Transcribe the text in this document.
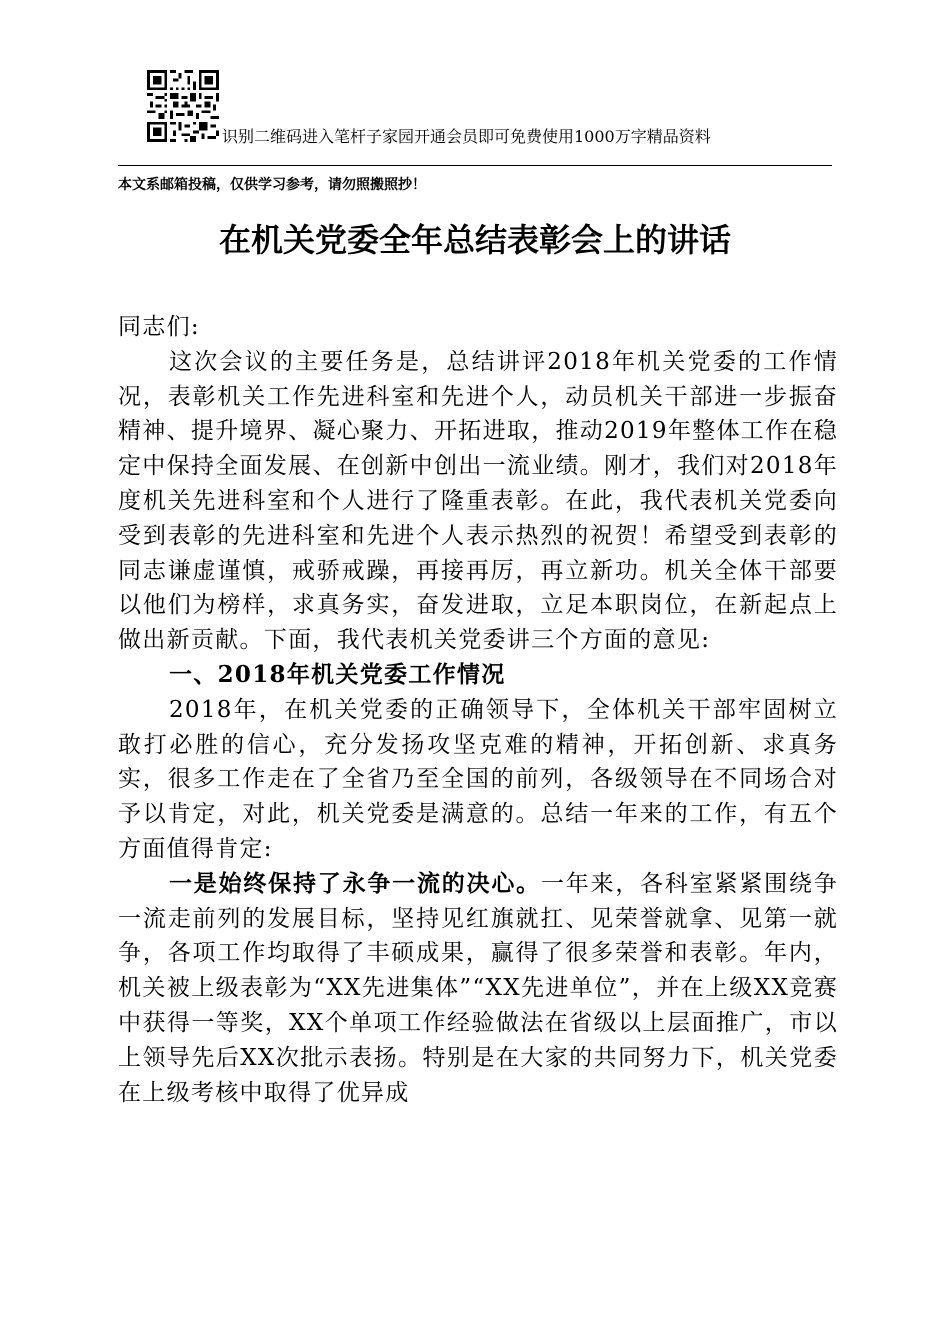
识别二维码进入笔杆子家园开通会员即可免费使用1000万字精品资料
本文系邮箱投稿，仅供学习参考，请勿照搬照抄！
在机关党委全年总结表彰会上的讲话

同志们:

这次会议的主要任务是，总结讲评2018年机关党委的工作情况，表彰机关工作先进科室和先进个人，动员机关干部进一步振奋精神、提升境界、凝心聚力、开拓进取，推动2019年整体工作在稳定中保持全面发展、在创新中创出一流业绩。刚才，我们对2018年度机关先进科室和个人进行了隆重表彰。在此，我代表机关党委向受到表彰的先进科室和先进个人表示热烈的祝贺！希望受到表彰的同志谦虚谨慎，戒骄戒躁，再接再厉，再立新功。机关全体干部要以他们为榜样，求真务实，奋发进取，立足本职岗位，在新起点上做出新贡献。下面，我代表机关党委讲三个方面的意见:

一、2018年机关党委工作情况

2018年，在机关党委的正确领导下，全体机关干部牢固树立敢打必胜的信心，充分发扬攻坚克难的精神，开拓创新、求真务实，很多工作走在了全省乃至全国的前列，各级领导在不同场合对予以肯定，对此，机关党委是满意的。总结一年来的工作，有五个方面值得肯定:

一是始终保持了永争一流的决心。一年来，各科室紧紧围绕争一流走前列的发展目标，坚持见红旗就扛、见荣誉就拿、见第一就争，各项工作均取得了丰硕成果，赢得了很多荣誉和表彰。年内，机关被上级表彰为“XX先进集体”“XX先进单位”，并在上级XX竞赛中获得一等奖，XX个单项工作经验做法在省级以上层面推广，市以上领导先后XX次批示表扬。特别是在大家的共同努力下，机关党委在上级考核中取得了优异成
